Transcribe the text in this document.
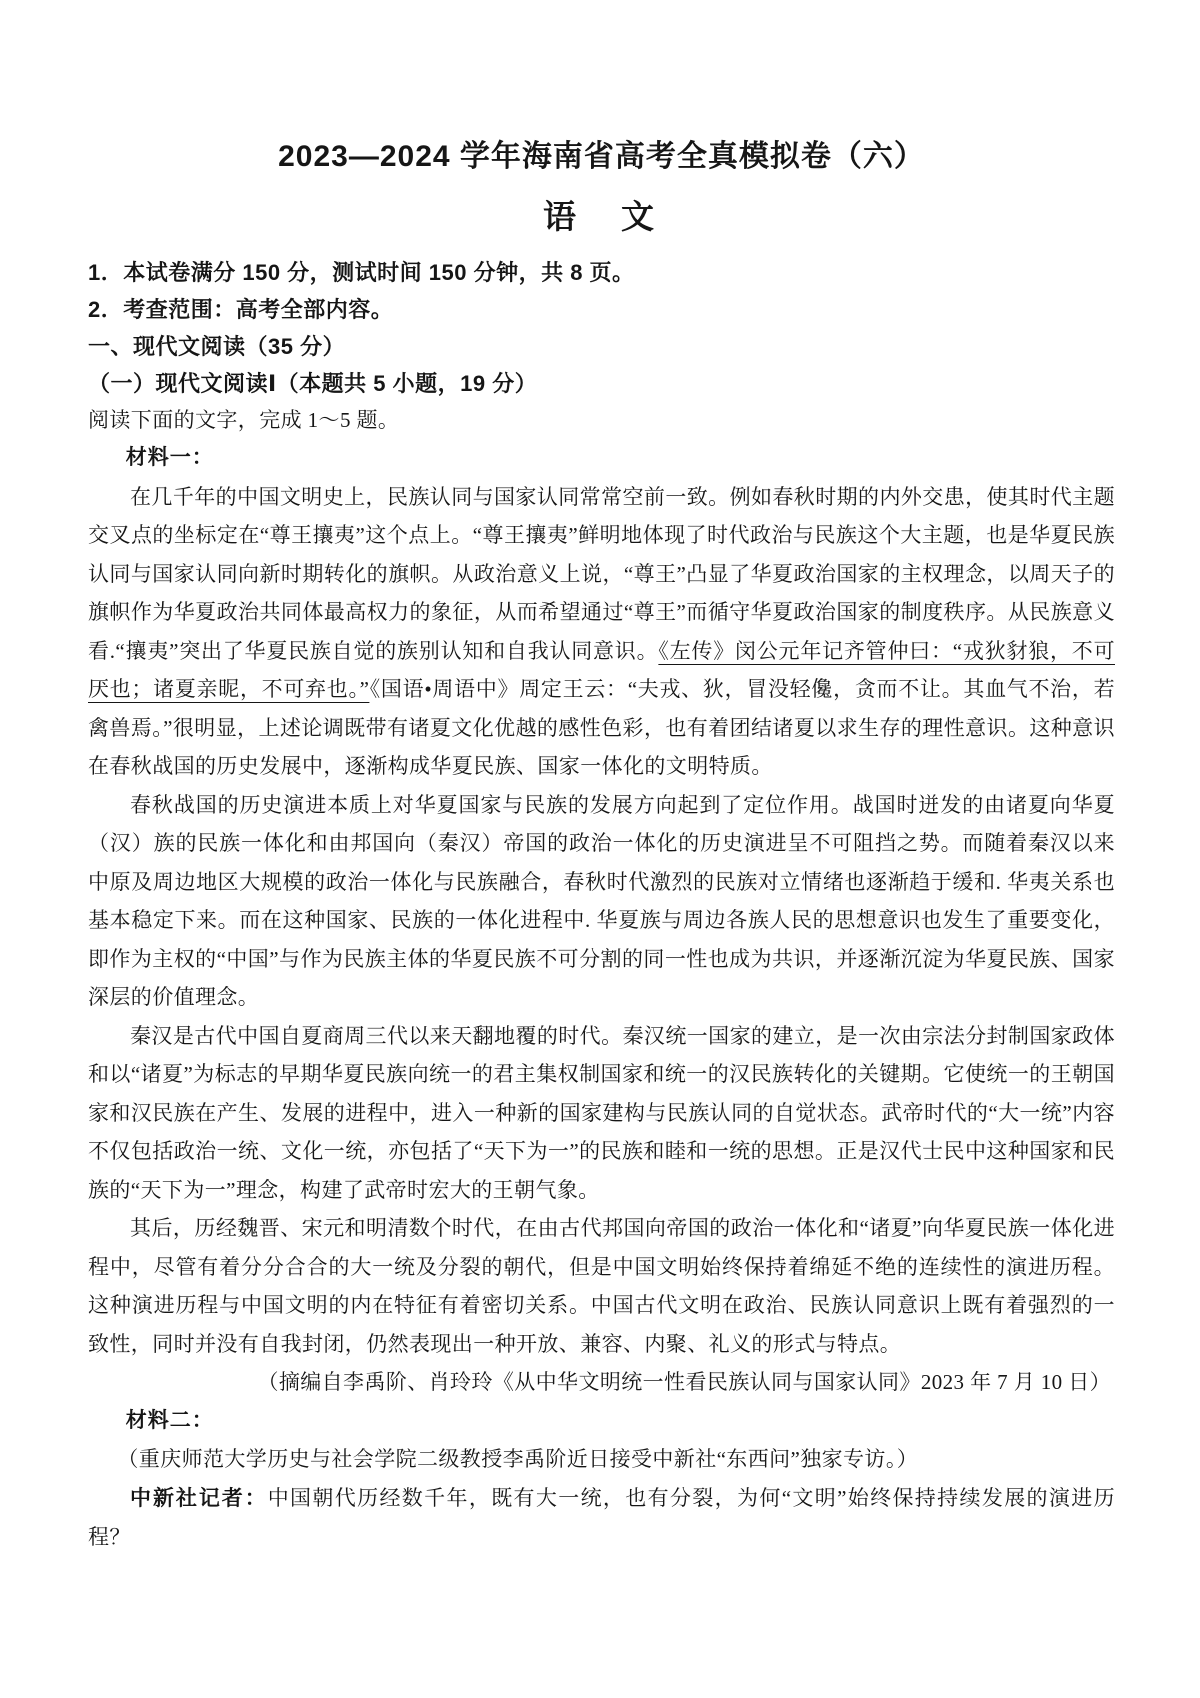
2023—2024 学年海南省高考全真模拟卷（六）
语　文

1．本试卷满分 150 分，测试时间 150 分钟，共 8 页。

2．考查范围：高考全部内容。

一、现代文阅读（35 分）

（一）现代文阅读Ⅰ（本题共 5 小题，19 分）

阅读下面的文字，完成 1～5 题。

材料一：

在几千年的中国文明史上，民族认同与国家认同常常空前一致。例如春秋时期的内外交患，使其时代主题交叉点的坐标定在“尊王攘夷”这个点上。“尊王攘夷”鲜明地体现了时代政治与民族这个大主题，也是华夏民族认同与国家认同向新时期转化的旗帜。从政治意义上说，“尊王”凸显了华夏政治国家的主权理念，以周天子的旗帜作为华夏政治共同体最高权力的象征，从而希望通过“尊王”而循守华夏政治国家的制度秩序。从民族意义看.“攘夷”突出了华夏民族自觉的族别认知和自我认同意识。《左传》闵公元年记齐管仲曰：“戎狄豺狼，不可厌也；诸夏亲昵，不可弃也。”《国语•周语中》周定王云：“夫戎、狄，冒没轻儳，贪而不让。其血气不治，若禽兽焉。”很明显，上述论调既带有诸夏文化优越的感性色彩，也有着团结诸夏以求生存的理性意识。这种意识在春秋战国的历史发展中，逐渐构成华夏民族、国家一体化的文明特质。

春秋战国的历史演进本质上对华夏国家与民族的发展方向起到了定位作用。战国时迸发的由诸夏向华夏（汉）族的民族一体化和由邦国向（秦汉）帝国的政治一体化的历史演进呈不可阻挡之势。而随着秦汉以来中原及周边地区大规模的政治一体化与民族融合，春秋时代激烈的民族对立情绪也逐渐趋于缓和. 华夷关系也基本稳定下来。而在这种国家、民族的一体化进程中. 华夏族与周边各族人民的思想意识也发生了重要变化，即作为主权的“中国”与作为民族主体的华夏民族不可分割的同一性也成为共识，并逐渐沉淀为华夏民族、国家深层的价值理念。

秦汉是古代中国自夏商周三代以来天翻地覆的时代。秦汉统一国家的建立，是一次由宗法分封制国家政体和以“诸夏”为标志的早期华夏民族向统一的君主集权制国家和统一的汉民族转化的关键期。它使统一的王朝国家和汉民族在产生、发展的进程中，进入一种新的国家建构与民族认同的自觉状态。武帝时代的“大一统”内容不仅包括政治一统、文化一统，亦包括了“天下为一”的民族和睦和一统的思想。正是汉代士民中这种国家和民族的“天下为一”理念，构建了武帝时宏大的王朝气象。

其后，历经魏晋、宋元和明清数个时代，在由古代邦国向帝国的政治一体化和“诸夏”向华夏民族一体化进程中，尽管有着分分合合的大一统及分裂的朝代，但是中国文明始终保持着绵延不绝的连续性的演进历程。这种演进历程与中国文明的内在特征有着密切关系。中国古代文明在政治、民族认同意识上既有着强烈的一致性，同时并没有自我封闭，仍然表现出一种开放、兼容、内聚、礼义的形式与特点。

（摘编自李禹阶、肖玲玲《从中华文明统一性看民族认同与国家认同》2023 年 7 月 10 日）

材料二：

（重庆师范大学历史与社会学院二级教授李禹阶近日接受中新社“东西问”独家专访。）

中新社记者：中国朝代历经数千年，既有大一统，也有分裂，为何“文明”始终保持持续发展的演进历程？
